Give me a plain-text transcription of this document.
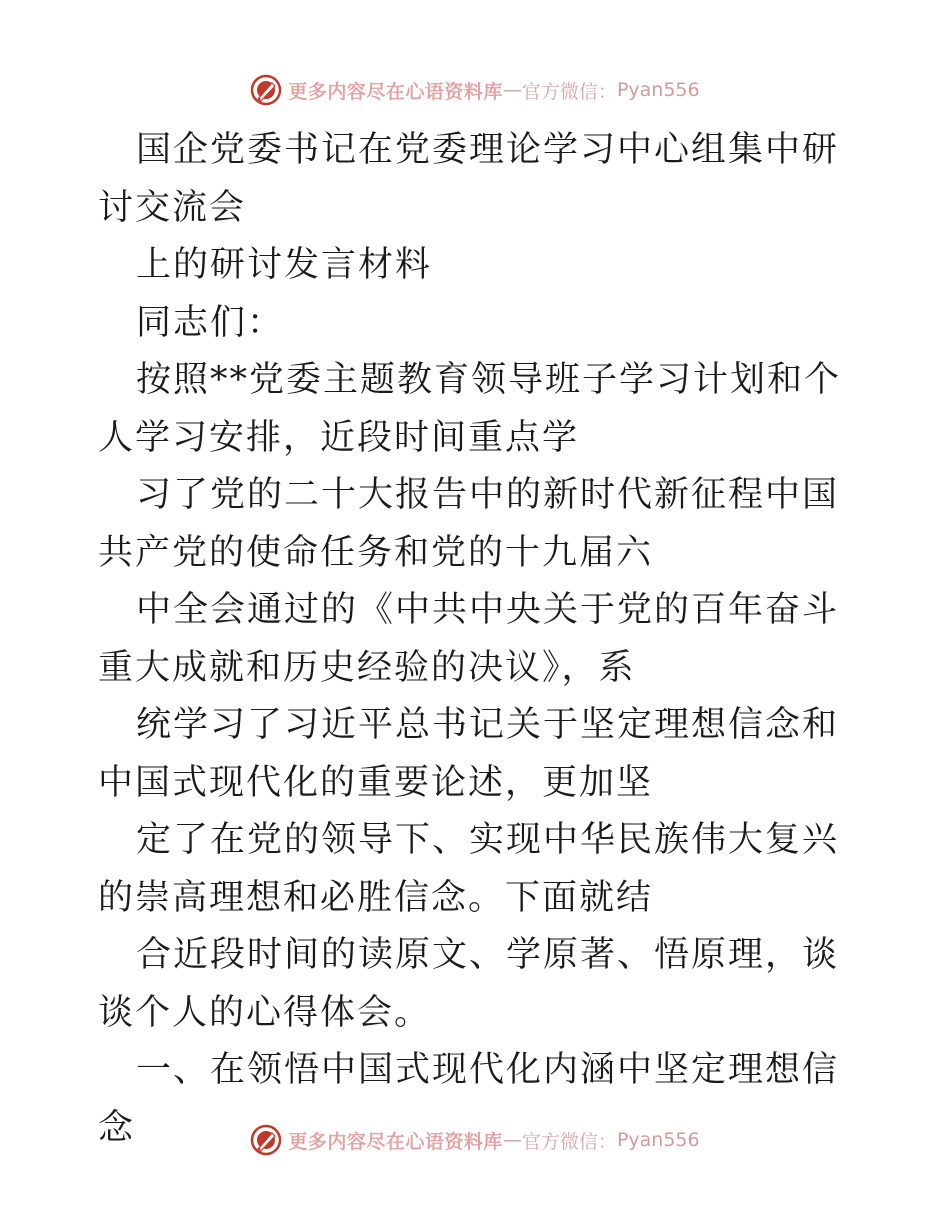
更多内容尽在心语资料库 — 官方微信： Pyan556

国企党委书记在党委理论学习中心组集中研讨交流会

上的研讨发言材料

同志们：

按照**党委主题教育领导班子学习计划和个人学习安排，近段时间重点学

习了党的二十大报告中的新时代新征程中国共产党的使命任务和党的十九届六

中全会通过的《中共中央关于党的百年奋斗重大成就和历史经验的决议》，系

统学习了习近平总书记关于坚定理想信念和中国式现代化的重要论述，更加坚

定了在党的领导下、实现中华民族伟大复兴的崇高理想和必胜信念。下面就结

合近段时间的读原文、学原著、悟原理，谈谈个人的心得体会。

一、在领悟中国式现代化内涵中坚定理想信念	更多内容尽在心语资料库 — 官方微信： Pyan556
